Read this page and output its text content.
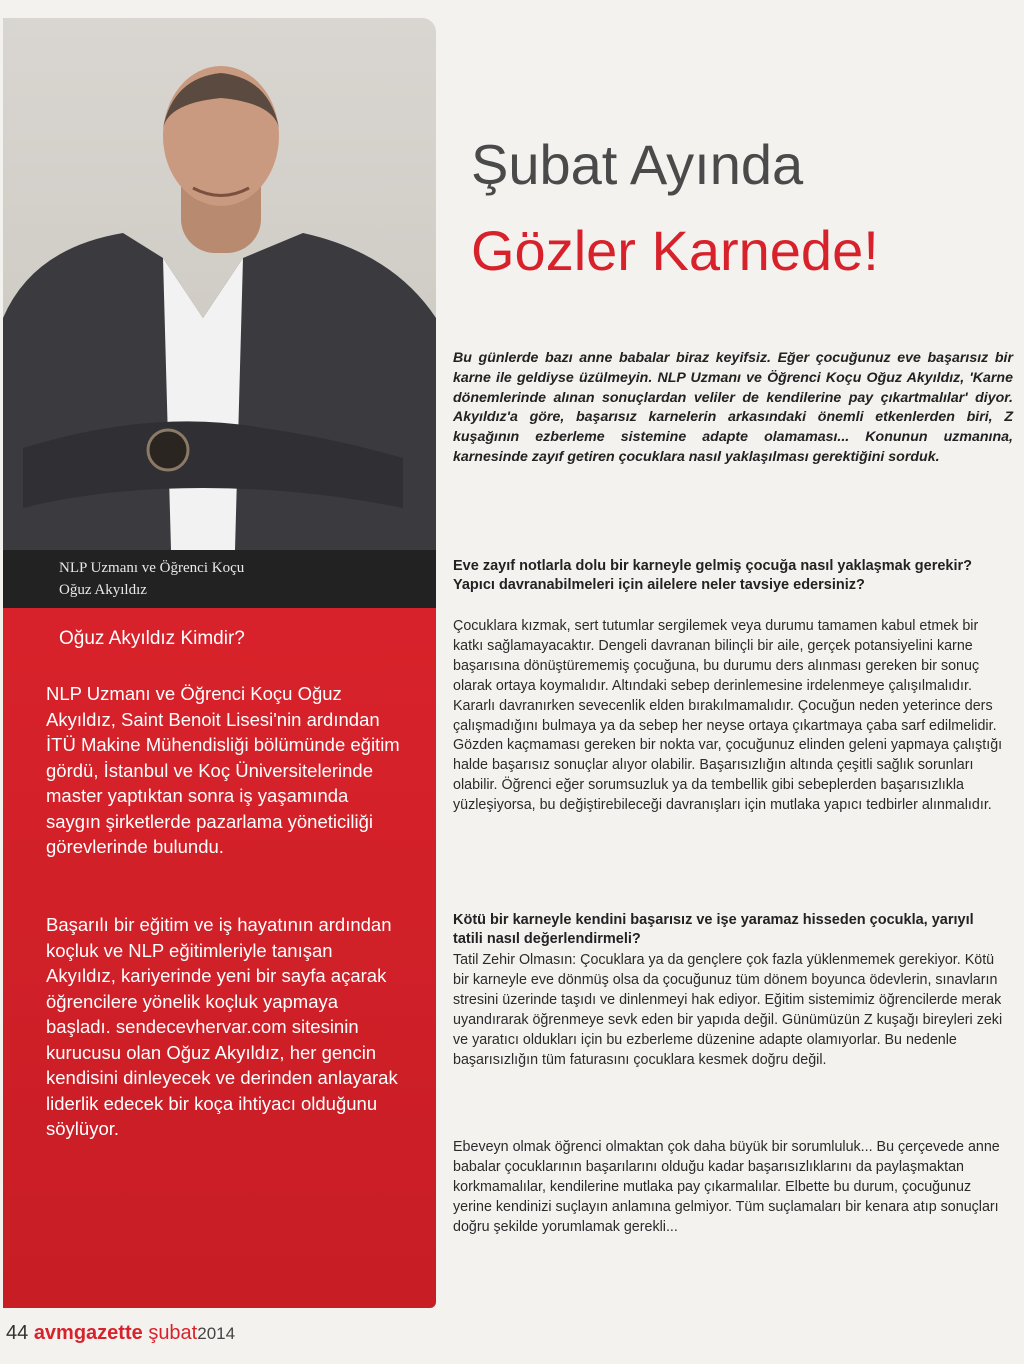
NLP Uzmanı ve Öğrenci Koçu
Oğuz Akyıldız
Oğuz Akyıldız Kimdir?
NLP Uzmanı ve Öğrenci Koçu Oğuz Akyıldız, Saint Benoit Lisesi'nin ardından İTÜ Makine Mühendisliği bölümünde eğitim gördü, İstanbul ve Koç Üniversitelerinde master yaptıktan sonra iş yaşamında saygın şirketlerde pazarlama yöneticiliği görevlerinde bulundu.
Başarılı bir eğitim ve iş hayatının ardından koçluk ve NLP eğitimleriyle tanışan Akyıldız, kariyerinde yeni bir sayfa açarak öğrencilere yönelik koçluk yapmaya başladı. sendecevhervar.com sitesinin kurucusu olan Oğuz Akyıldız, her gencin kendisini dinleyecek ve derinden anlayarak liderlik edecek bir koça ihtiyacı olduğunu söylüyor.
Şubat Ayında
Gözler Karnede!
Bu günlerde bazı anne babalar biraz keyifsiz. Eğer çocuğunuz eve başarısız bir karne ile geldiyse üzülmeyin. NLP Uzmanı ve Öğrenci Koçu Oğuz Akyıldız, 'Karne dönemlerinde alınan sonuçlardan veliler de kendilerine pay çıkartmalılar' diyor. Akyıldız'a göre, başarısız karnelerin arkasındaki önemli etkenlerden biri, Z kuşağının ezberleme sistemine adapte olamaması... Konunun uzmanına, karnesinde zayıf getiren çocuklara nasıl yaklaşılması gerektiğini sorduk.
Eve zayıf notlarla dolu bir karneyle gelmiş çocuğa nasıl yaklaşmak gerekir? Yapıcı davranabilmeleri için ailelere neler tavsiye edersiniz?
Çocuklara kızmak, sert tutumlar sergilemek veya durumu tamamen kabul etmek bir katkı sağlamayacaktır. Dengeli davranan bilinçli bir aile, gerçek potansiyelini karne başarısına dönüştürememiş çocuğuna, bu durumu ders alınması gereken bir sonuç olarak ortaya koymalıdır. Altındaki sebep derinlemesine irdelenmeye çalışılmalıdır. Kararlı davranırken sevecenlik elden bırakılmamalıdır. Çocuğun neden yeterince ders çalışmadığını bulmaya ya da sebep her neyse ortaya çıkartmaya çaba sarf edilmelidir. Gözden kaçmaması gereken bir nokta var, çocuğunuz elinden geleni yapmaya çalıştığı halde başarısız sonuçlar alıyor olabilir. Başarısızlığın altında çeşitli sağlık sorunları olabilir. Öğrenci eğer sorumsuzluk ya da tembellik gibi sebeplerden başarısızlıkla yüzleşiyorsa, bu değiştirebileceği davranışları için mutlaka yapıcı tedbirler alınmalıdır.
Kötü bir karneyle kendini başarısız ve işe yaramaz hisseden çocukla, yarıyıl tatili nasıl değerlendirmeli?
Tatil Zehir Olmasın: Çocuklara ya da gençlere çok fazla yüklenmemek gerekiyor. Kötü bir karneyle eve dönmüş olsa da çocuğunuz tüm dönem boyunca ödevlerin, sınavların stresini üzerinde taşıdı ve dinlenmeyi hak ediyor. Eğitim sistemimiz öğrencilerde merak uyandırarak öğrenmeye sevk eden bir yapıda değil. Günümüzün Z kuşağı bireyleri zeki ve yaratıcı oldukları için bu ezberleme düzenine adapte olamıyorlar. Bu nedenle başarısızlığın tüm faturasını çocuklara kesmek doğru değil.
Ebeveyn olmak öğrenci olmaktan çok daha büyük bir sorumluluk... Bu çerçevede anne babalar çocuklarının başarılarını olduğu kadar başarısızlıklarını da paylaşmaktan korkmamalılar, kendilerine mutlaka pay çıkarmalılar. Elbette bu durum, çocuğunuz yerine kendinizi suçlayın anlamına gelmiyor. Tüm suçlamaları bir kenara atıp sonuçları doğru şekilde yorumlamak gerekli...
44 avmgazette şubat2014
